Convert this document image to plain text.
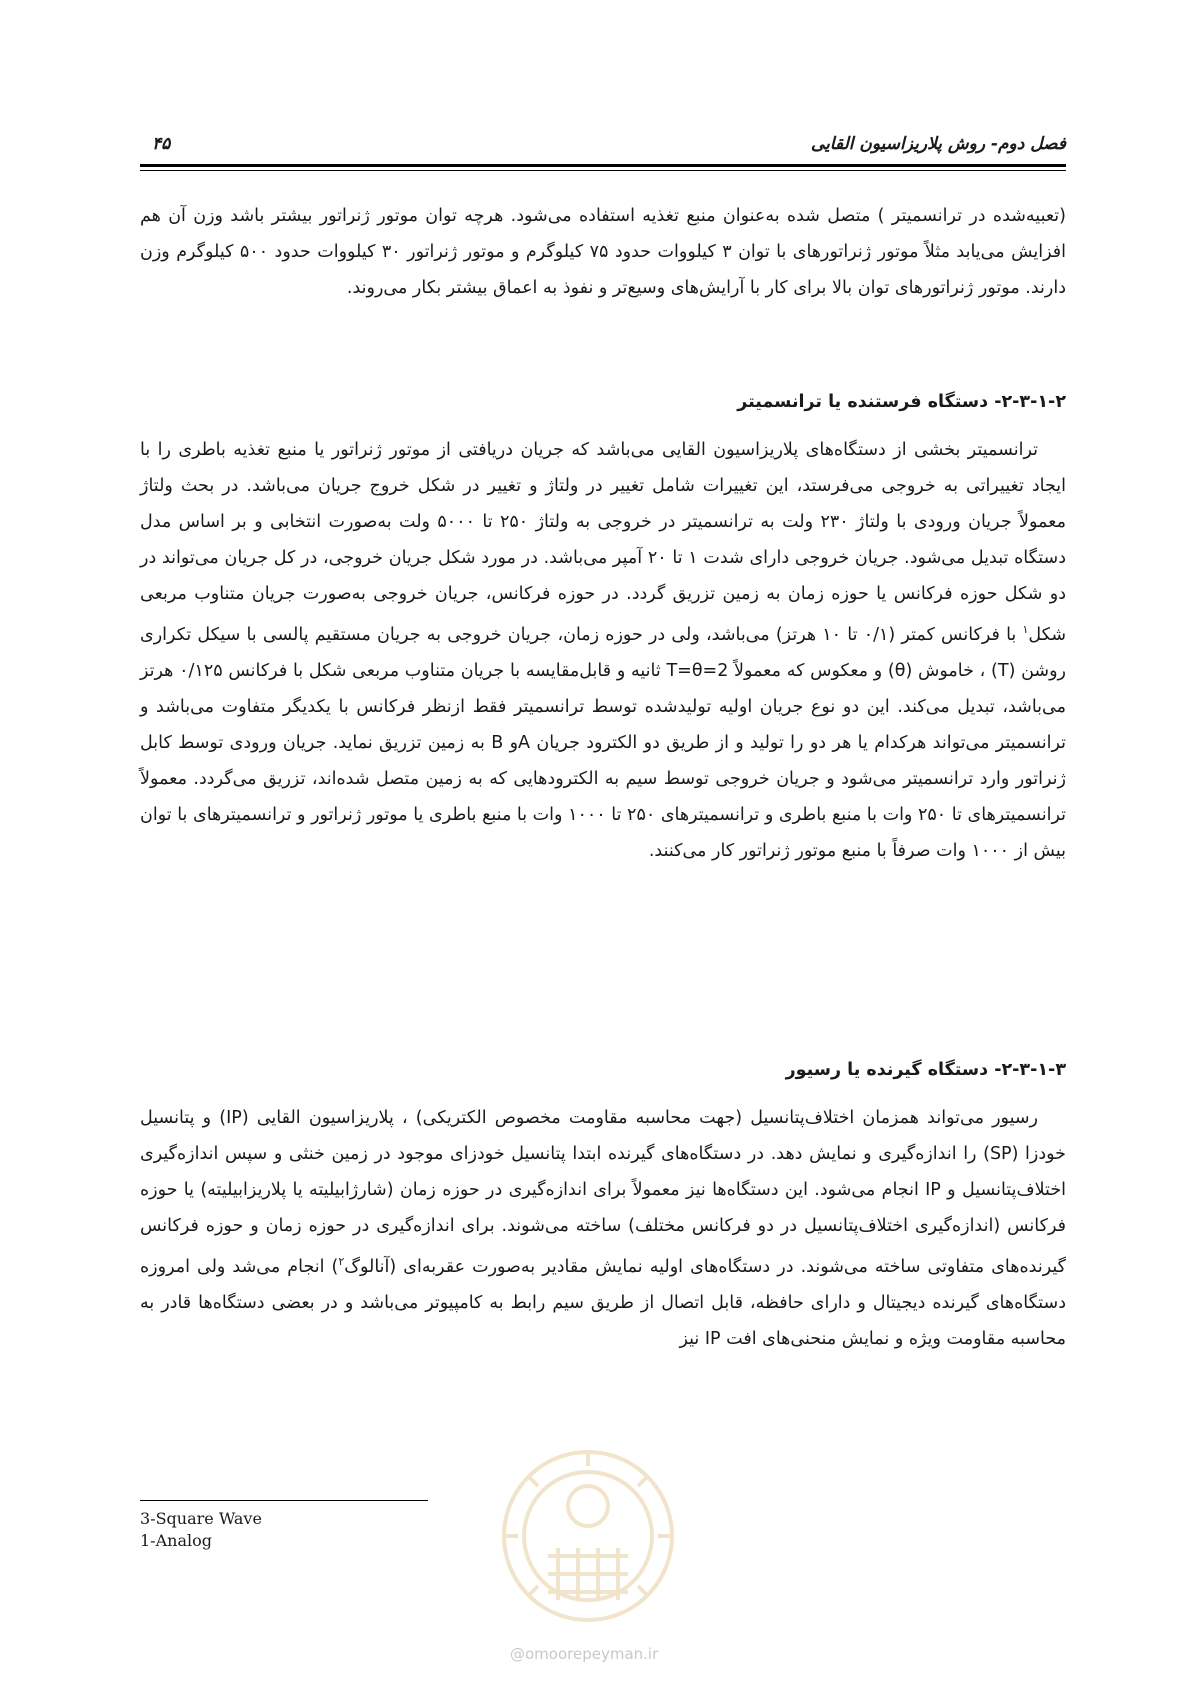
فصل دوم- روش پلاریزاسیون القایی
۴۵

(تعبیه‌شده در ترانسمیتر ) متصل شده به‌عنوان منبع تغذیه استفاده می‌شود. هرچه توان موتور ژنراتور بیشتر باشد وزن آن هم افزایش می‌یابد مثلاً موتور ژنراتورهای با توان ۳ کیلووات حدود ۷۵ کیلوگرم و موتور ژنراتور ۳۰ کیلووات حدود ۵۰۰ کیلوگرم وزن دارند. موتور ژنراتورهای توان بالا برای کار با آرایش‌های وسیع‌تر و نفوذ به اعماق بیشتر بکار می‌روند.

۲-۳-۱-۲- دستگاه فرستنده یا ترانسمیتر

ترانسمیتر بخشی از دستگاه‌های پلاریزاسیون القایی می‌باشد که جریان دریافتی از موتور ژنراتور یا منبع تغذیه باطری را با ایجاد تغییراتی به خروجی می‌فرستد، این تغییرات شامل تغییر در ولتاژ و تغییر در شکل خروج جریان می‌باشد. در بحث ولتاژ معمولاً جریان ورودی با ولتاژ ۲۳۰ ولت به ترانسمیتر در خروجی به ولتاژ ۲۵۰ تا ۵۰۰۰ ولت به‌صورت انتخابی و بر اساس مدل دستگاه تبدیل می‌شود. جریان خروجی دارای شدت ۱ تا ۲۰ آمپر می‌باشد. در مورد شکل جریان خروجی، در کل جریان می‌تواند در دو شکل حوزه فرکانس یا حوزه زمان به زمین تزریق گردد. در حوزه فرکانس، جریان خروجی به‌صورت جریان متناوب مربعی شکل$^۱$ با فرکانس کمتر (۰/۱ تا ۱۰ هرتز) می‌باشد، ولی در حوزه زمان، جریان خروجی به جریان مستقیم پالسی با سیکل تکراری روشن (T) ، خاموش (θ) و معکوس که معمولاً T=θ=2 ثانیه و قابل‌مقایسه با جریان متناوب مربعی شکل با فرکانس ۰/۱۲۵ هرتز می‌باشد، تبدیل می‌کند. این دو نوع جریان اولیه تولیدشده توسط ترانسمیتر فقط ازنظر فرکانس با یکدیگر متفاوت می‌باشد و ترانسمیتر می‌تواند هرکدام یا هر دو را تولید و از طریق دو الکترود جریان Aو B به زمین تزریق نماید. جریان ورودی توسط کابل ژنراتور وارد ترانسمیتر می‌شود و جریان خروجی توسط سیم به الکترودهایی که به زمین متصل شده‌اند، تزریق می‌گردد. معمولاً ترانسمیترهای تا ۲۵۰ وات با منبع باطری و ترانسمیترهای ۲۵۰ تا ۱۰۰۰ وات با منبع باطری یا موتور ژنراتور و ترانسمیترهای با توان بیش از ۱۰۰۰ وات صرفاً با منبع موتور ژنراتور کار می‌کنند.

۲-۳-۱-۳- دستگاه گیرنده یا رسیور

رسیور می‌تواند همزمان اختلاف‌پتانسیل (جهت محاسبه مقاومت مخصوص الکتریکی) ، پلاریزاسیون القایی (IP) و پتانسیل خودزا (SP) را اندازه‌گیری و نمایش دهد. در دستگاه‌های گیرنده ابتدا پتانسیل خودزای موجود در زمین خنثی و سپس اندازه‌گیری اختلاف‌پتانسیل و IP انجام می‌شود. این دستگاه‌ها نیز معمولاً برای اندازه‌گیری در حوزه زمان (شارژابیلیته یا پلاریزابیلیته) یا حوزه فرکانس (اندازه‌گیری اختلاف‌پتانسیل در دو فرکانس مختلف) ساخته می‌شوند. برای اندازه‌گیری در حوزه زمان و حوزه فرکانس گیرنده‌های متفاوتی ساخته می‌شوند. در دستگاه‌های اولیه نمایش مقادیر به‌صورت عقربه‌ای (آنالوگ$^۲$) انجام می‌شد ولی امروزه دستگاه‌های گیرنده دیجیتال و دارای حافظه، قابل اتصال از طریق سیم رابط به کامپیوتر می‌باشد و در بعضی دستگاه‌ها قادر به محاسبه مقاومت ویژه و نمایش منحنی‌های افت IP نیز

3-Square Wave
1-Analog
@omoorepeyman.ir
